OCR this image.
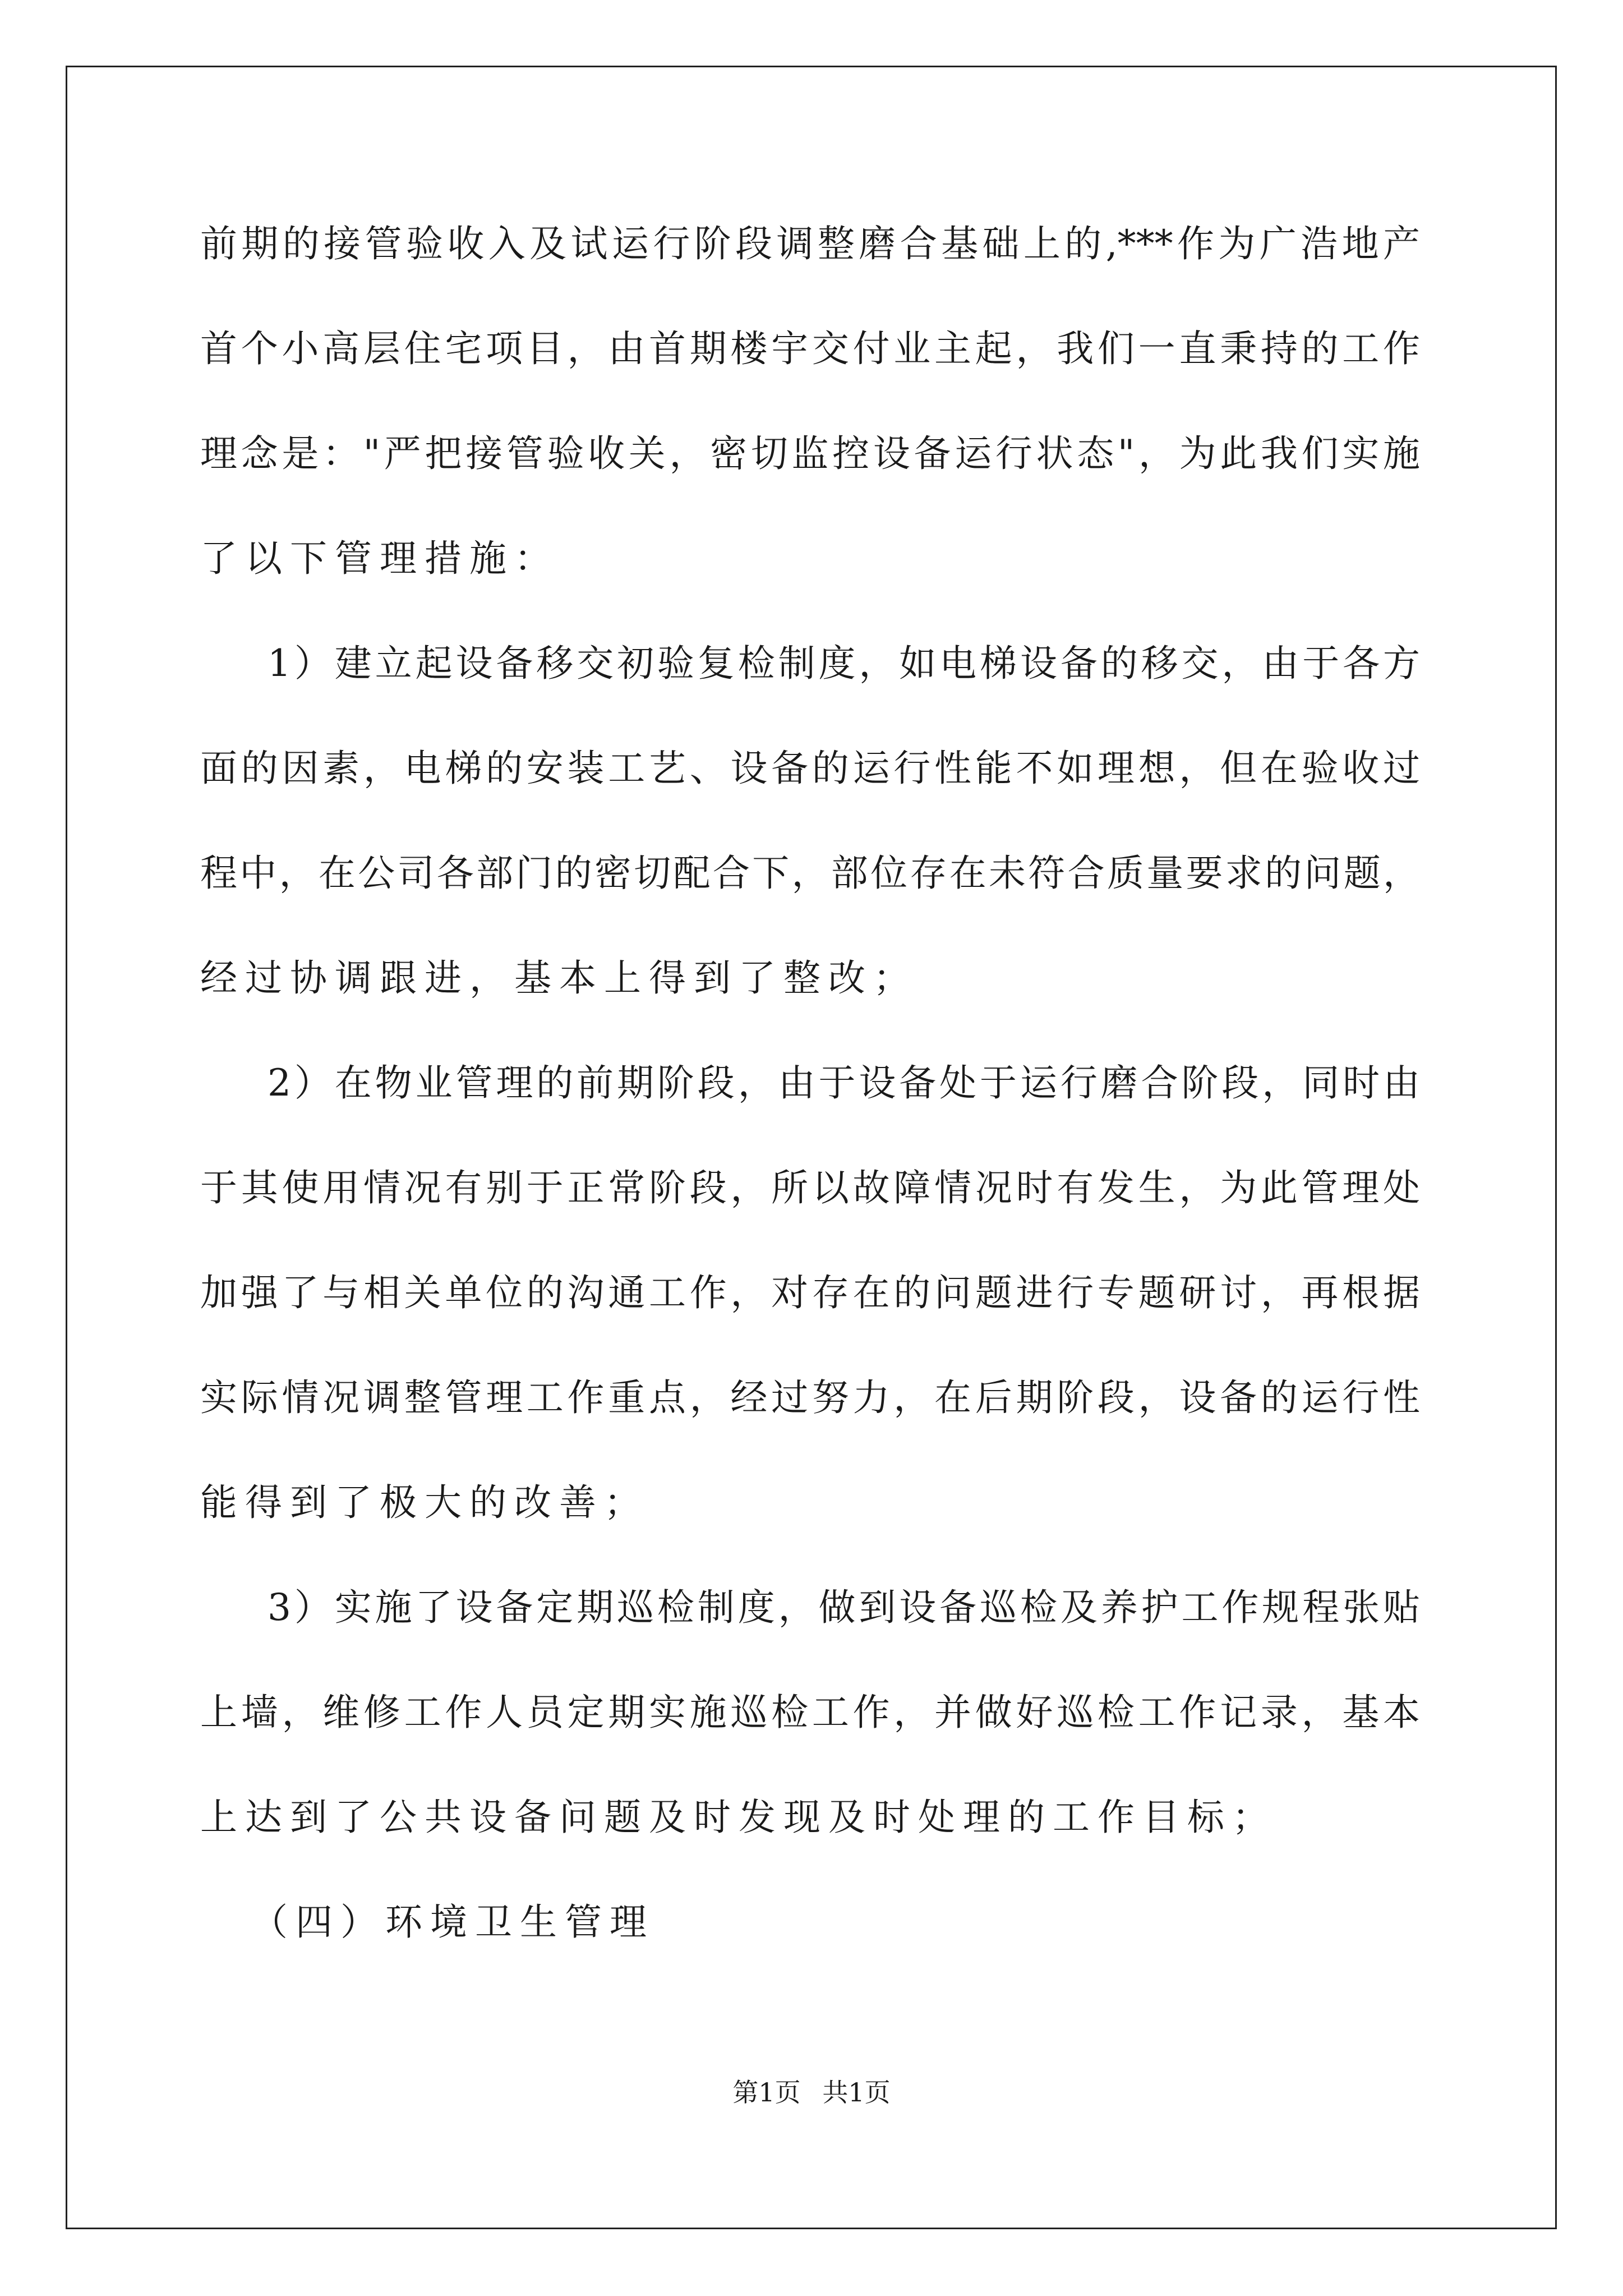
前期的接管验收入及试运行阶段调整磨合基础上的,***作为广浩地产
首个小高层住宅项目，由首期楼宇交付业主起，我们一直秉持的工作
理念是："严把接管验收关，密切监控设备运行状态"，为此我们实施
了以下管理措施：
1）建立起设备移交初验复检制度，如电梯设备的移交，由于各方
面的因素，电梯的安装工艺、设备的运行性能不如理想，但在验收过
程中，在公司各部门的密切配合下，部位存在未符合质量要求的问题，
经过协调跟进，基本上得到了整改；
2）在物业管理的前期阶段，由于设备处于运行磨合阶段，同时由
于其使用情况有别于正常阶段，所以故障情况时有发生，为此管理处
加强了与相关单位的沟通工作，对存在的问题进行专题研讨，再根据
实际情况调整管理工作重点，经过努力，在后期阶段，设备的运行性
能得到了极大的改善；
3）实施了设备定期巡检制度，做到设备巡检及养护工作规程张贴
上墙，维修工作人员定期实施巡检工作，并做好巡检工作记录，基本
上达到了公共设备问题及时发现及时处理的工作目标；
（四）环境卫生管理
第1页 共1页
